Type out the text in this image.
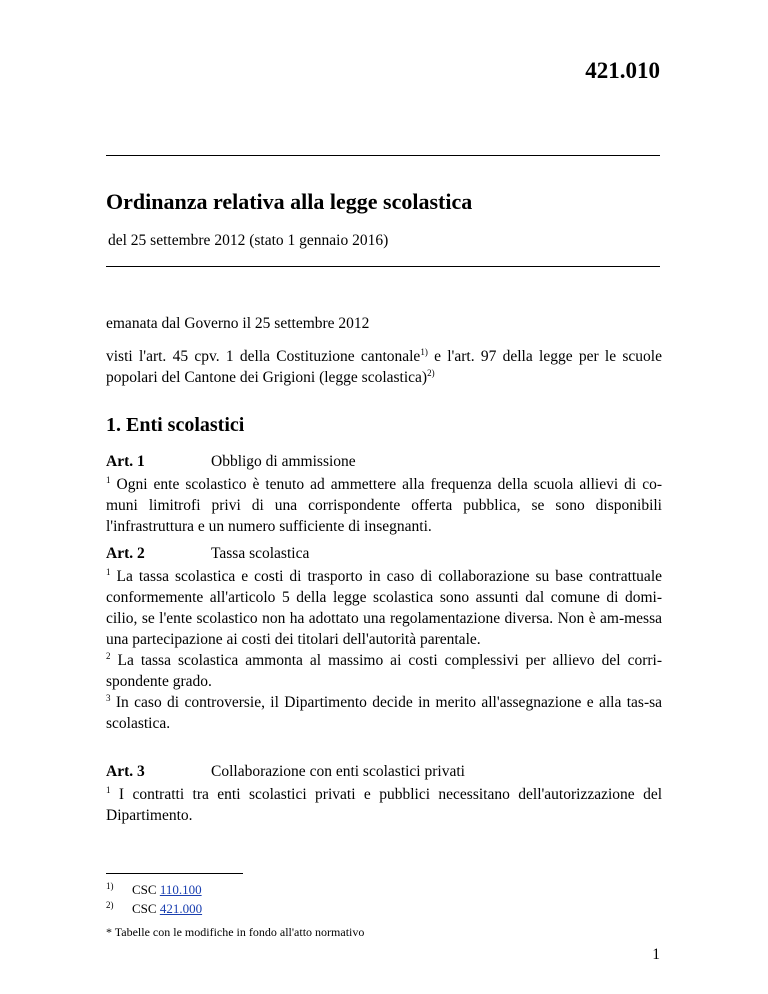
421.010
Ordinanza relativa alla legge scolastica
del 25 settembre 2012 (stato 1 gennaio 2016)
emanata dal Governo il 25 settembre 2012
visti l'art. 45 cpv. 1 della Costituzione cantonale$^{1)}$ e l'art. 97 della legge per le scuole popolari del Cantone dei Grigioni (legge scolastica)$^{2)}$
1. Enti scolastici
Art. 1	Obbligo di ammissione

$^1$ Ogni ente scolastico è tenuto ad ammettere alla frequenza della scuola allievi di co-muni limitrofi privi di una corrispondente offerta pubblica, se sono disponibili l'infrastruttura e un numero sufficiente di insegnanti.

Art. 2	Tassa scolastica

$^1$ La tassa scolastica e costi di trasporto in caso di collaborazione su base contrattuale conformemente all'articolo 5 della legge scolastica sono assunti dal comune di domi-cilio, se l'ente scolastico non ha adottato una regolamentazione diversa. Non è am-messa una partecipazione ai costi dei titolari dell'autorità parentale.

$^2$ La tassa scolastica ammonta al massimo ai costi complessivi per allievo del corri-spondente grado.

$^3$ In caso di controversie, il Dipartimento decide in merito all'assegnazione e alla tas-sa scolastica.

Art. 3	Collaborazione con enti scolastici privati

$^1$ I contratti tra enti scolastici privati e pubblici necessitano dell'autorizzazione del Dipartimento.

1) CSC 110.100
2) CSC 421.000
* Tabelle con le modifiche in fondo all'atto normativo
1
